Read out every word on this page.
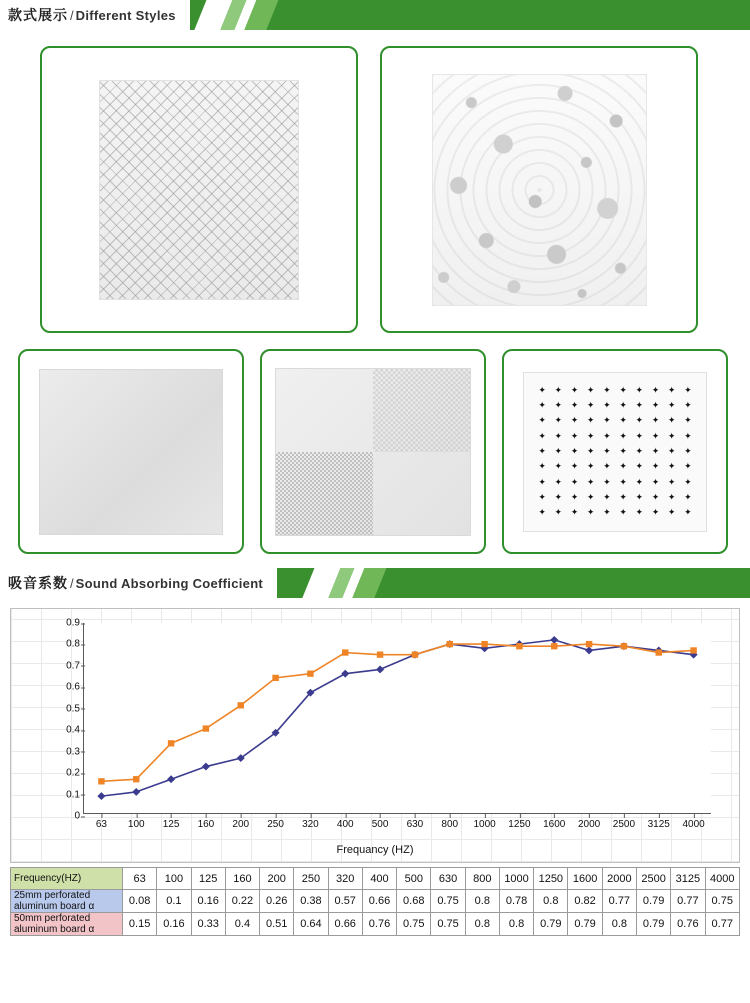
款式展示 / Different Styles
✦ ✦ ✦ ✦ ✦ ✦ ✦ ✦ ✦ ✦
✦ ✦ ✦ ✦ ✦ ✦ ✦ ✦ ✦ ✦
✦ ✦ ✦ ✦ ✦ ✦ ✦ ✦ ✦ ✦
✦ ✦ ✦ ✦ ✦ ✦ ✦ ✦ ✦ ✦
✦ ✦ ✦ ✦ ✦ ✦ ✦ ✦ ✦ ✦
✦ ✦ ✦ ✦ ✦ ✦ ✦ ✦ ✦ ✦
✦ ✦ ✦ ✦ ✦ ✦ ✦ ✦ ✦ ✦
✦ ✦ ✦ ✦ ✦ ✦ ✦ ✦ ✦ ✦
✦ ✦ ✦ ✦ ✦ ✦ ✦ ✦ ✦ ✦
吸音系数 / Sound Absorbing Coefficient
Frequancy (HZ)
0
0.1
0.2
0.3
0.4
0.5
0.6
0.7
0.8
0.9
63 100 125 160 200 250 320 400 500 630 800 1000 1250 1600 2000 2500 3125 4000
Frequency(HZ)	63	100	125	160	200	250	320	400	500	630	800	1000	1250	1600	2000	2500	3125	4000
25mm perforated aluminum board α	0.08	0.1	0.16	0.22	0.26	0.38	0.57	0.66	0.68	0.75	0.8	0.78	0.8	0.82	0.77	0.79	0.77	0.75
50mm perforated aluminum board α	0.15	0.16	0.33	0.4	0.51	0.64	0.66	0.76	0.75	0.75	0.8	0.8	0.79	0.79	0.8	0.79	0.76	0.77
